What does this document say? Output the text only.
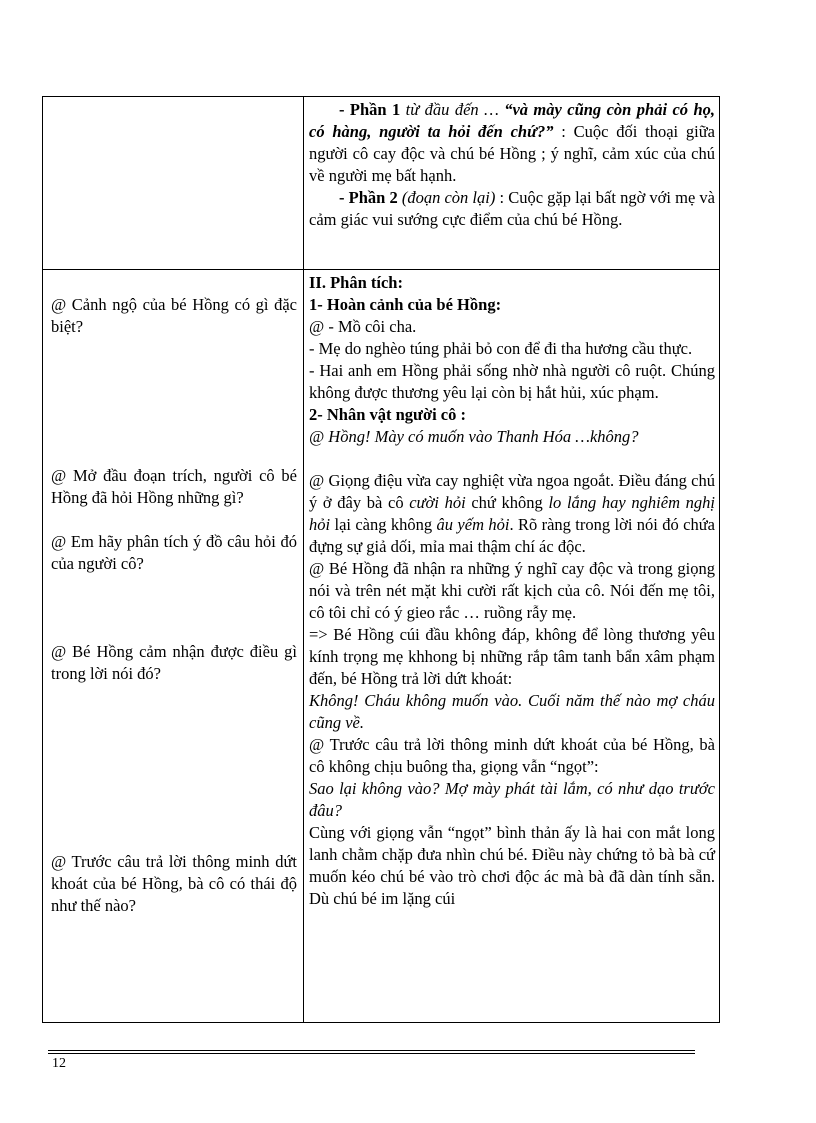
- Phần 1 từ đầu đến … “và mày cũng còn phải có họ, có hàng, người ta hỏi đến chứ?” : Cuộc đối thoại giữa người cô cay độc và chú bé Hồng ; ý nghĩ, cảm xúc của chú về người mẹ bất hạnh.

- Phần 2 (đoạn còn lại) : Cuộc gặp lại bất ngờ với mẹ và cảm giác vui sướng cực điểm của chú bé Hồng.

@ Cảnh ngộ của bé Hồng có gì đặc biệt?

@ Mở đầu đoạn trích, người cô bé Hồng đã hỏi Hồng những gì?

@ Em hãy phân tích ý đồ câu hỏi đó của người cô?

@ Bé Hồng cảm nhận được điều gì trong lời nói đó?

@ Trước câu trả lời thông minh dứt khoát của bé Hồng, bà cô có thái độ như thế nào?

II. Phân tích:

1- Hoàn cảnh của bé Hồng:

@ - Mồ côi cha.

- Mẹ do nghèo túng phải bỏ con để đi tha hương cầu thực.

- Hai anh em Hồng phải sống nhờ nhà người cô ruột. Chúng không được thương yêu lại còn bị hắt hủi, xúc phạm.

2- Nhân vật người cô :

@ Hồng! Mày có muốn vào Thanh Hóa …không?

@ Giọng điệu vừa cay nghiệt vừa ngoa ngoắt. Điều đáng chú ý ở đây bà cô cười hỏi chứ không lo lắng hay nghiêm nghị hỏi lại càng không âu yếm hỏi. Rõ ràng trong lời nói đó chứa đựng sự giả dối, mỉa mai thậm chí ác độc.

@ Bé Hồng đã nhận ra những ý nghĩ cay độc và trong giọng nói và trên nét mặt khi cười rất kịch của cô. Nói đến mẹ tôi, cô tôi chỉ có ý gieo rắc … ruồng rẫy mẹ.

=> Bé Hồng cúi đầu không đáp, không để lòng thương yêu kính trọng mẹ khhong bị những rắp tâm tanh bẩn xâm phạm đến, bé Hồng trả lời dứt khoát:

Không! Cháu không muốn vào. Cuối năm thế nào mợ cháu cũng về.

@ Trước câu trả lời thông minh dứt khoát của bé Hồng, bà cô không chịu buông tha, giọng vẫn “ngọt”:

Sao lại không vào? Mợ mày phát tài lắm, có như dạo trước đâu?

Cùng với giọng vẫn “ngọt” bình thản ấy là hai con mắt long lanh chằm chặp đưa nhìn chú bé. Điều này chứng tỏ bà bà cứ muốn kéo chú bé vào trò chơi độc ác mà bà đã dàn tính sẵn. Dù chú bé im lặng cúi

12
